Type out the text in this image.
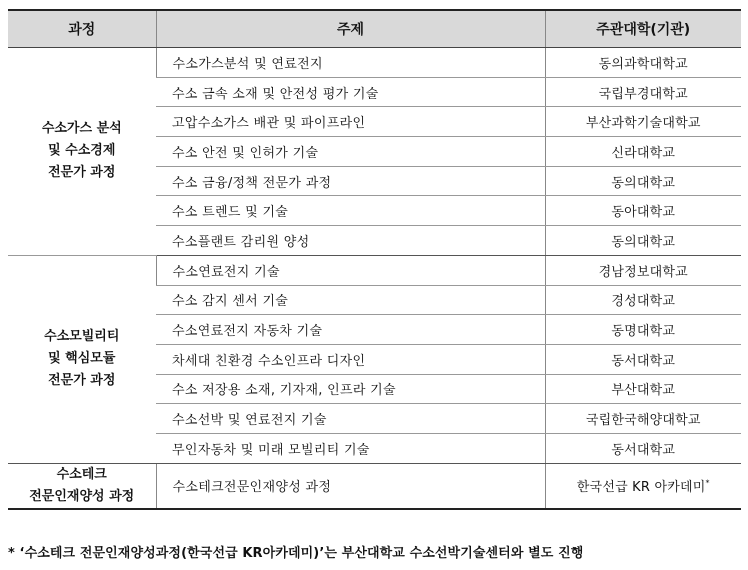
과정	주제	주관대학(기관)

수소가스 분석
및 수소경제
전문가 과정	수소가스분석 및 연료전지	동의과학대학교
	수소 금속 소재 및 안전성 평가 기술	국립부경대학교
	고압수소가스 배관 및 파이프라인	부산과학기술대학교
	수소 안전 및 인허가 기술	신라대학교
	수소 금융/정책 전문가 과정	동의대학교
	수소 트렌드 및 기술	동아대학교
	수소플랜트 감리원 양성	동의대학교

수소모빌리티
및 핵심모듈
전문가 과정	수소연료전지 기술	경남정보대학교
	수소 감지 센서 기술	경성대학교
	수소연료전지 자동차 기술	동명대학교
	차세대 친환경 수소인프라 디자인	동서대학교
	수소 저장용 소재, 기자재, 인프라 기술	부산대학교
	수소선박 및 연료전지 기술	국립한국해양대학교
	무인자동차 및 미래 모빌리티 기술	동서대학교

수소테크
전문인재양성 과정	수소테크전문인재양성 과정	한국선급 KR 아카데미*
* ‘수소테크 전문인재양성과정(한국선급 KR아카데미)’는 부산대학교 수소선박기술센터와 별도 진행
